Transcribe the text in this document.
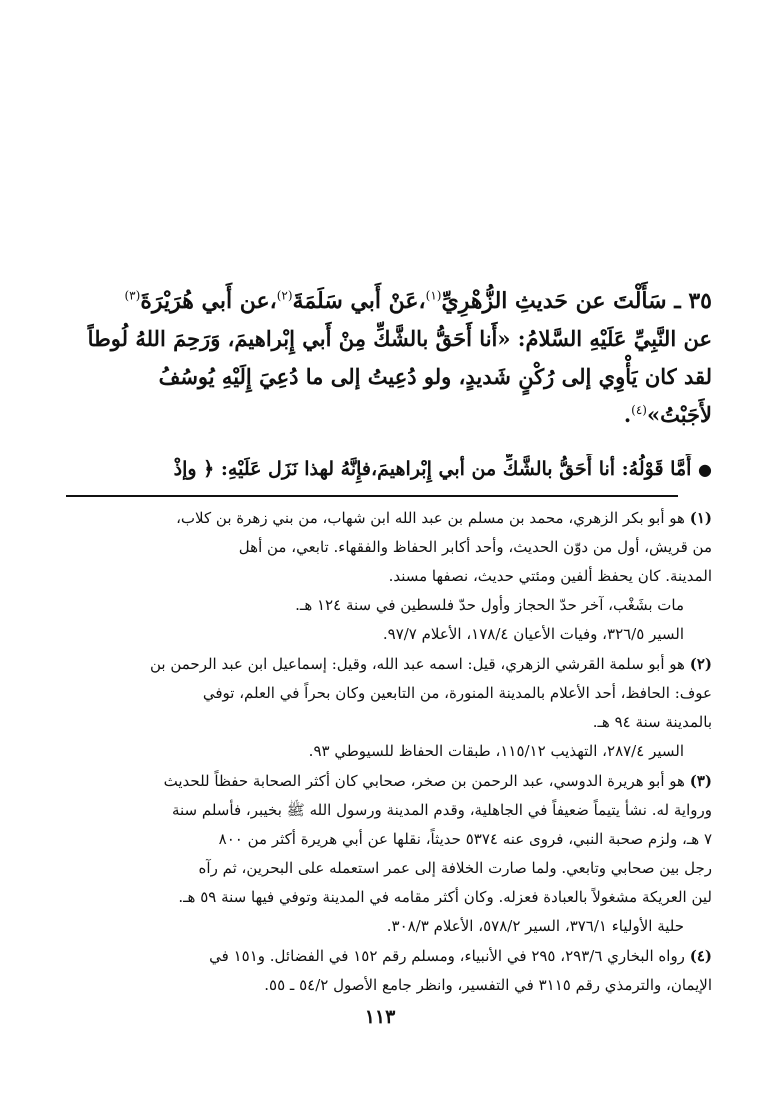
٣٥ ـ سَأَلْتَ عن حَديثِ الزُّهْرِيِّ$^{(١)}$،عَنْ أَبي سَلَمَةَ$^{(٢)}$،عن أَبي هُرَيْرَةَ$^{(٣)}$

عن النَّبِيِّ عَلَيْهِ السَّلامُ: «أَنا أَحَقُّ بالشَّكِّ مِنْ أَبي إِبْراهيمَ، وَرَحِمَ اللهُ لُوطاً

لقد كان يَأْوِي إلى رُكْنٍ شَديدٍ، ولو دُعِيتُ إلى ما دُعِيَ إِلَيْهِ يُوسُفُ

لأَجَبْتُ»$^{(٤)}$.

● أَمَّا قَوْلُهُ: أنا أَحَقُّ بالشَّكِّ من أبي إِبْراهيمَ،فإِنَّهُ لهذا نَزَل عَلَيْهِ: ﴿ وإذْ
(١) هو أبو بكر الزهري، محمد بن مسلم بن عبد الله ابن شهاب، من بني زهرة بن كلاب،
من قريش، أول من دوّن الحديث، وأحد أكابر الحفاظ والفقهاء. تابعي، من أهل
المدينة. كان يحفظ ألفين ومئتي حديث، نصفها مسند.
مات بشَغْب، آخر حدّ الحجاز وأول حدّ فلسطين في سنة ١٢٤ هـ.
السير ٣٢٦/٥، وفيات الأعيان ١٧٨/٤، الأعلام ٩٧/٧.
(٢) هو أبو سلمة القرشي الزهري، قيل: اسمه عبد الله، وقيل: إسماعيل ابن عبد الرحمن بن
عوف: الحافظ، أحد الأعلام بالمدينة المنورة، من التابعين وكان بحراً في العلم، توفي
بالمدينة سنة ٩٤ هـ.
السير ٢٨٧/٤، التهذيب ١١٥/١٢، طبقات الحفاظ للسيوطي ٩٣.
(٣) هو أبو هريرة الدوسي، عبد الرحمن بن صخر، صحابي كان أكثر الصحابة حفظاً للحديث
ورواية له. نشأ يتيماً ضعيفاً في الجاهلية، وقدم المدينة ورسول الله ﷺ بخيبر، فأسلم سنة
٧ هـ، ولزم صحبة النبي، فروى عنه ٥٣٧٤ حديثاً، نقلها عن أبي هريرة أكثر من ٨٠٠
رجل بين صحابي وتابعي. ولما صارت الخلافة إلى عمر استعمله على البحرين، ثم رآه
لين العريكة مشغولاً بالعبادة فعزله. وكان أكثر مقامه في المدينة وتوفي فيها سنة ٥٩ هـ.
حلية الأولياء ٣٧٦/١، السير ٥٧٨/٢، الأعلام ٣٠٨/٣.
(٤) رواه البخاري ٢٩٣/٦، ٢٩٥ في الأنبياء، ومسلم رقم ١٥٢ في الفضائل. و١٥١ في
الإيمان، والترمذي رقم ٣١١٥ في التفسير، وانظر جامع الأصول ٥٤/٢ ـ ٥٥.
١١٣
